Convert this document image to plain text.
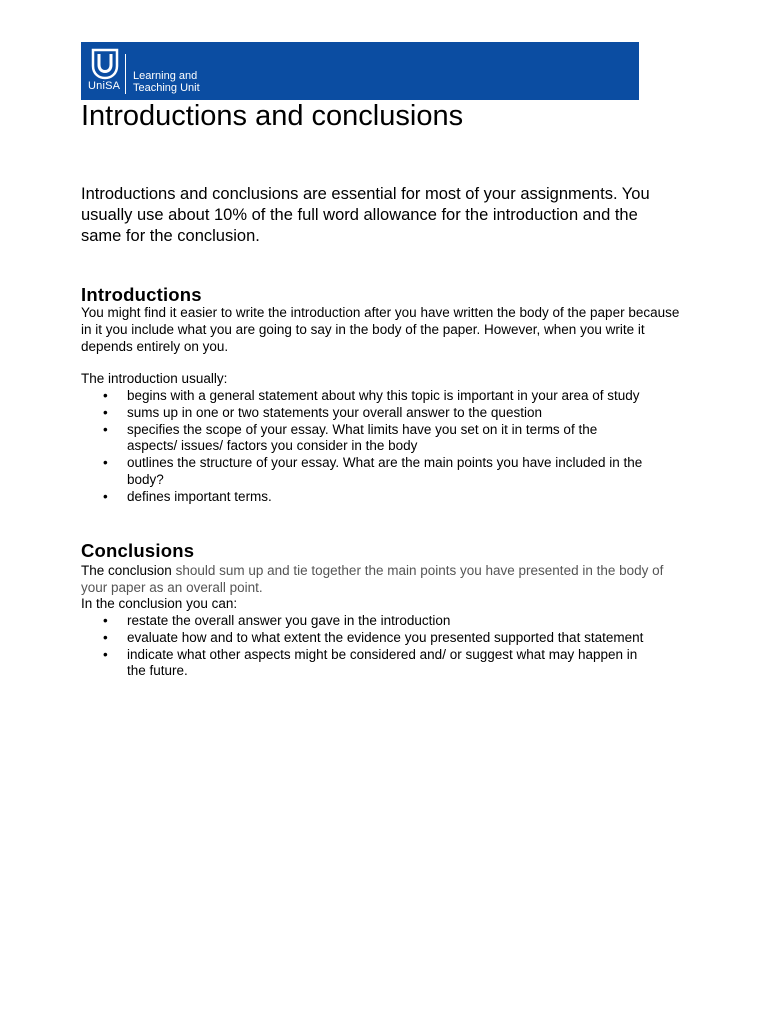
UniSA
Learning and
Teaching Unit
Introductions and conclusions

Introductions and conclusions are essential for most of your assignments. You usually use about 10% of the full word allowance for the introduction and the same for the conclusion.

Introductions

You might find it easier to write the introduction after you have written the body of the paper because in it you include what you are going to say in the body of the paper. However, when you write it depends entirely on you.

The introduction usually:

• begins with a general statement about why this topic is important in your area of study
• sums up in one or two statements your overall answer to the question
• specifies the scope of your essay. What limits have you set on it in terms of the aspects/ issues/ factors you consider in the body
• outlines the structure of your essay. What are the main points you have included in the body?
• defines important terms.
Conclusions

The conclusion should sum up and tie together the main points you have presented in the body of your paper as an overall point.

In the conclusion you can:

• restate the overall answer you gave in the introduction
• evaluate how and to what extent the evidence you presented supported that statement
• indicate what other aspects might be considered and/ or suggest what may happen in the future.
